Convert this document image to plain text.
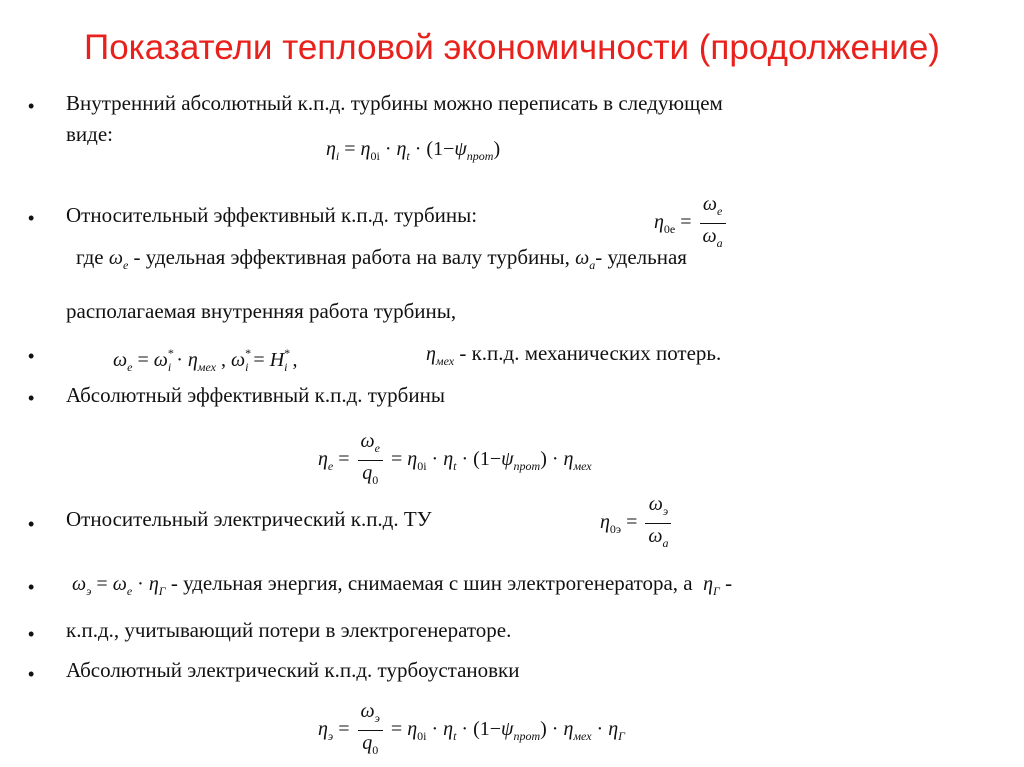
Показатели тепловой экономичности (продолжение)
• Внутренний абсолютный к.п.д. турбины можно переписать в следующем
виде:
$\eta_i = \eta_{0i} \cdot \eta_t \cdot (1-\psi_{прот})$
• Относительный эффективный к.п.д. турбины:	$\eta_{0e} = \frac{\omega_e}{\omega_a}$
где $\omega_e$ - удельная эффективная работа на валу турбины, $\omega_a-$ удельная
располагаемая внутренняя работа турбины,
•	$\omega_e = \omega^*_i \cdot \eta_{мех}$ , $\omega^*_i = H^*_i$ ,	$\eta_{мех} - к.п.д$. механических потерь.
• Абсолютный эффективный к.п.д. турбины
$\eta_e = \frac{\omega_e}{q_0} = \eta_{0i} \cdot \eta_t \cdot (1-\psi_{прот}) \cdot \eta_{мех}$
• Относительный электрический к.п.д. ТУ	$\eta_{0э} = \frac{\omega_э}{\omega_a}$
• $\omega_э = \omega_e \cdot \eta_Г$ - удельная энергия, снимаемая с шин электрогенератора, а $\eta_Г$ -
• к.п.д., учитывающий потери в электрогенераторе.
• Абсолютный электрический к.п.д. турбоустановки
$\eta_э = \frac{\omega_э}{q_0} = \eta_{0i} \cdot \eta_t \cdot (1-\psi_{прот}) \cdot \eta_{мех} \cdot \eta_Г$
